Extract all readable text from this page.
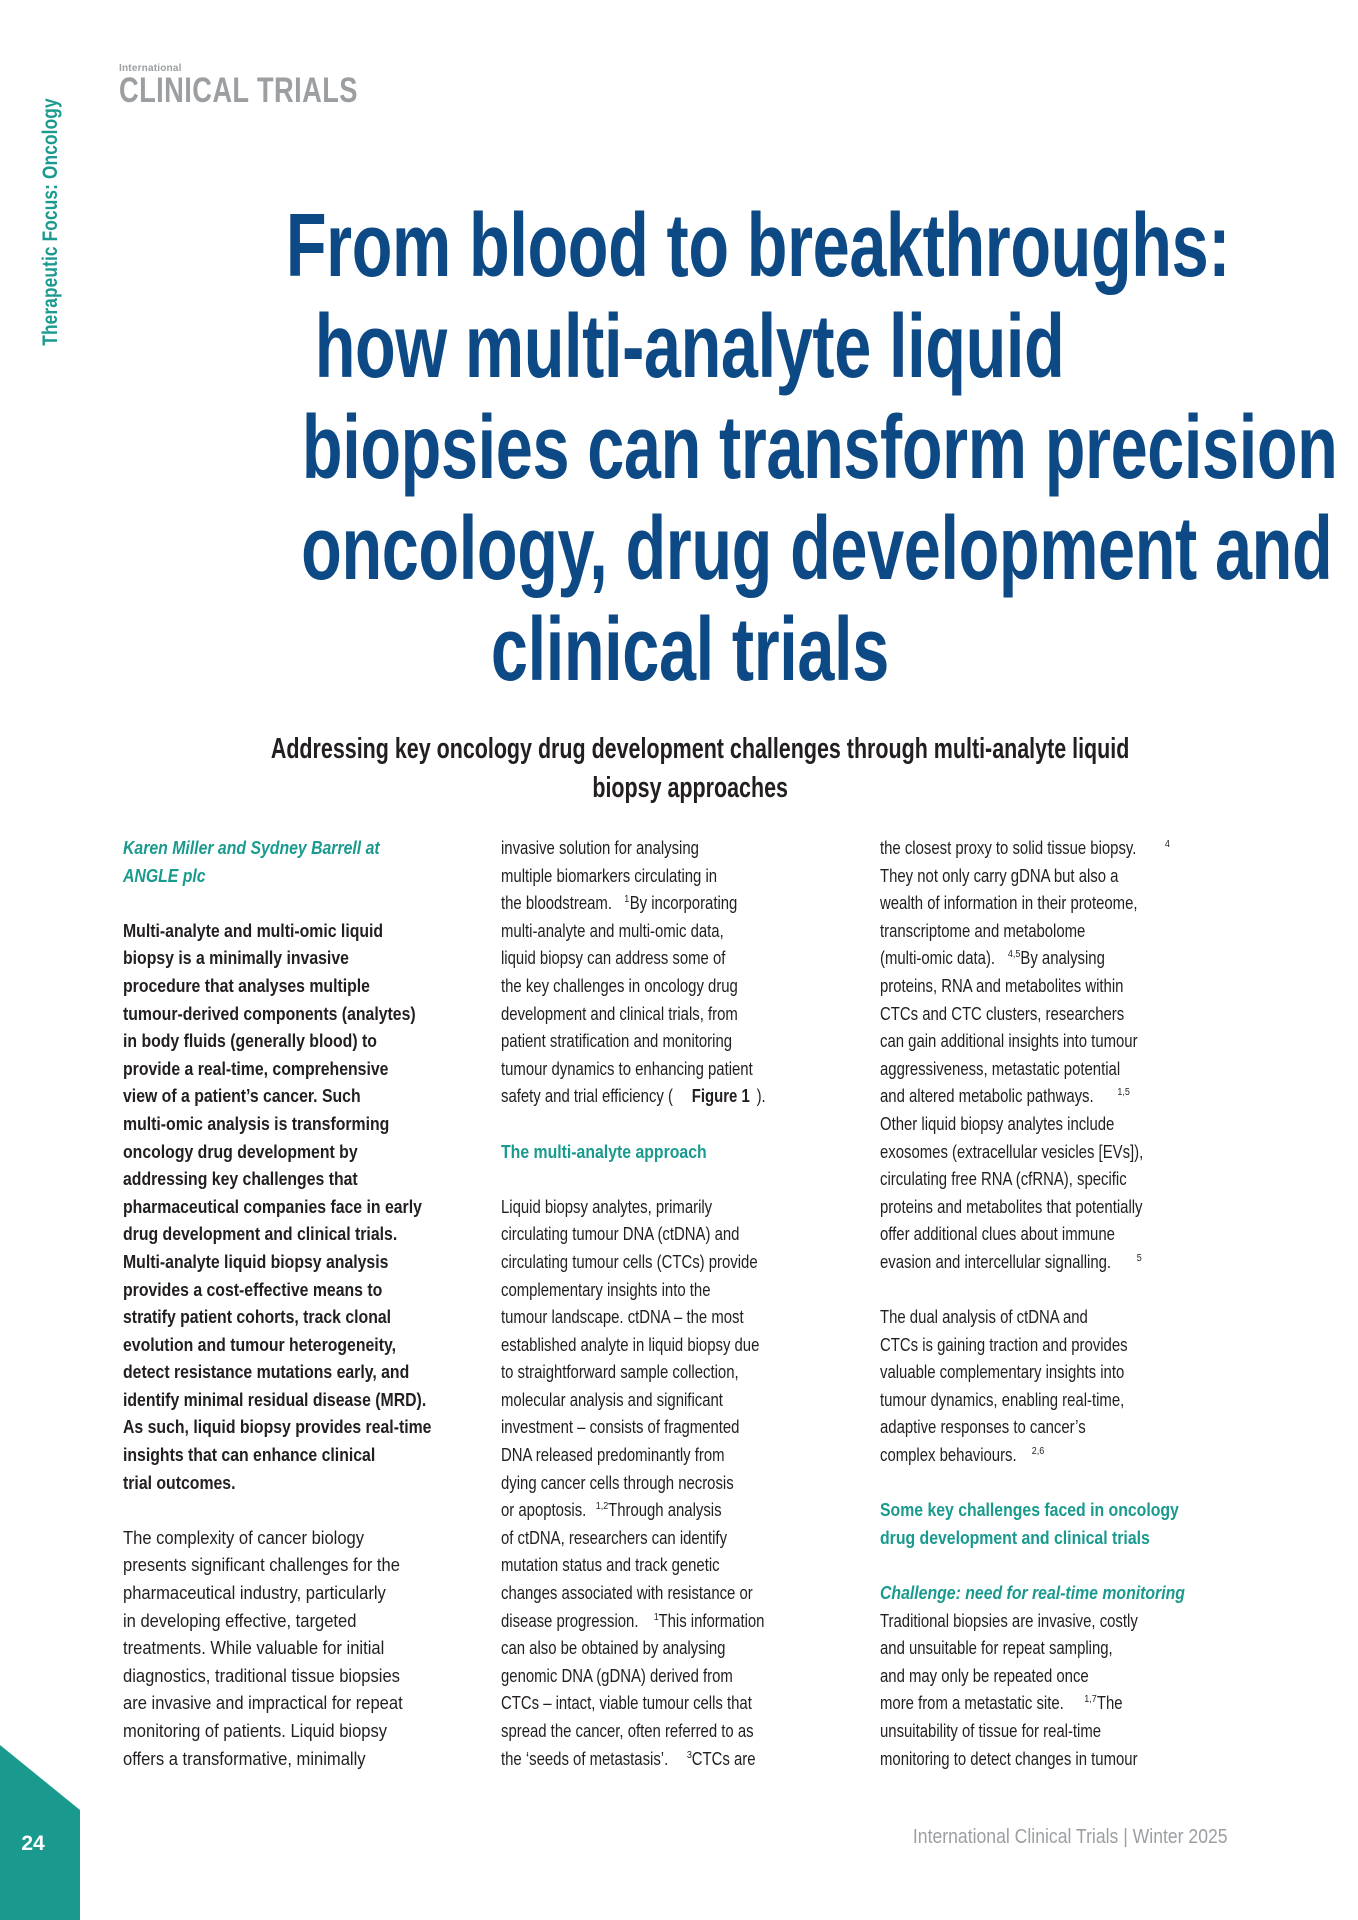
Therapeutic Focus: Oncology
International
CLINICAL TRIALS
From blood to breakthroughs:
how multi-analyte liquid
biopsies can transform precision
oncology, drug development and
clinical trials
Addressing key oncology drug development challenges through multi-analyte liquid
biopsy approaches
Karen Miller and Sydney Barrell at
ANGLE plc
Multi-analyte and multi-omic liquid
biopsy is a minimally invasive
procedure that analyses multiple
tumour-derived components (analytes)
in body fluids (generally blood) to
provide a real-time, comprehensive
view of a patient’s cancer. Such
multi-omic analysis is transforming
oncology drug development by
addressing key challenges that
pharmaceutical companies face in early
drug development and clinical trials.
Multi-analyte liquid biopsy analysis
provides a cost-effective means to
stratify patient cohorts, track clonal
evolution and tumour heterogeneity,
detect resistance mutations early, and
identify minimal residual disease (MRD).
As such, liquid biopsy provides real-time
insights that can enhance clinical
trial outcomes.
The complexity of cancer biology
presents significant challenges for the
pharmaceutical industry, particularly
in developing effective, targeted
treatments. While valuable for initial
diagnostics, traditional tissue biopsies
are invasive and impractical for repeat
monitoring of patients. Liquid biopsy
offers a transformative, minimally
invasive solution for analysing
multiple biomarkers circulating in
the bloodstream. $^1$By incorporating
multi-analyte and multi-omic data,
liquid biopsy can address some of
the key challenges in oncology drug
development and clinical trials, from
patient stratification and monitoring
tumour dynamics to enhancing patient
safety and trial efficiency ( Figure 1 ).
The multi-analyte approach
Liquid biopsy analytes, primarily
circulating tumour DNA (ctDNA) and
circulating tumour cells (CTCs) provide
complementary insights into the
tumour landscape. ctDNA – the most
established analyte in liquid biopsy due
to straightforward sample collection,
molecular analysis and significant
investment – consists of fragmented
DNA released predominantly from
dying cancer cells through necrosis
or apoptosis. $^{1,2}$Through analysis
of ctDNA, researchers can identify
mutation status and track genetic
changes associated with resistance or
disease progression. $^1$This information
can also be obtained by analysing
genomic DNA (gDNA) derived from
CTCs – intact, viable tumour cells that
spread the cancer, often referred to as
the ‘seeds of metastasis’. $^3$CTCs are
the closest proxy to solid tissue biopsy.	$^4$
They not only carry gDNA but also a
wealth of information in their proteome,
transcriptome and metabolome
(multi-omic data). $^{4,5}$By analysing
proteins, RNA and metabolites within
CTCs and CTC clusters, researchers
can gain additional insights into tumour
aggressiveness, metastatic potential
and altered metabolic pathways. $^{1,5}$
Other liquid biopsy analytes include
exosomes (extracellular vesicles [EVs]),
circulating free RNA (cfRNA), specific
proteins and metabolites that potentially
offer additional clues about immune
evasion and intercellular signalling.	$^5$
The dual analysis of ctDNA and
CTCs is gaining traction and provides
valuable complementary insights into
tumour dynamics, enabling real-time,
adaptive responses to cancer’s
complex behaviours. $^{2,6}$
Some key challenges faced in oncology
drug development and clinical trials
Challenge: need for real-time monitoring
Traditional biopsies are invasive, costly
and unsuitable for repeat sampling,
and may only be repeated once
more from a metastatic site. $^{1,7}$The
unsuitability of tissue for real-time
monitoring to detect changes in tumour
24	International Clinical Trials | Winter 2025
